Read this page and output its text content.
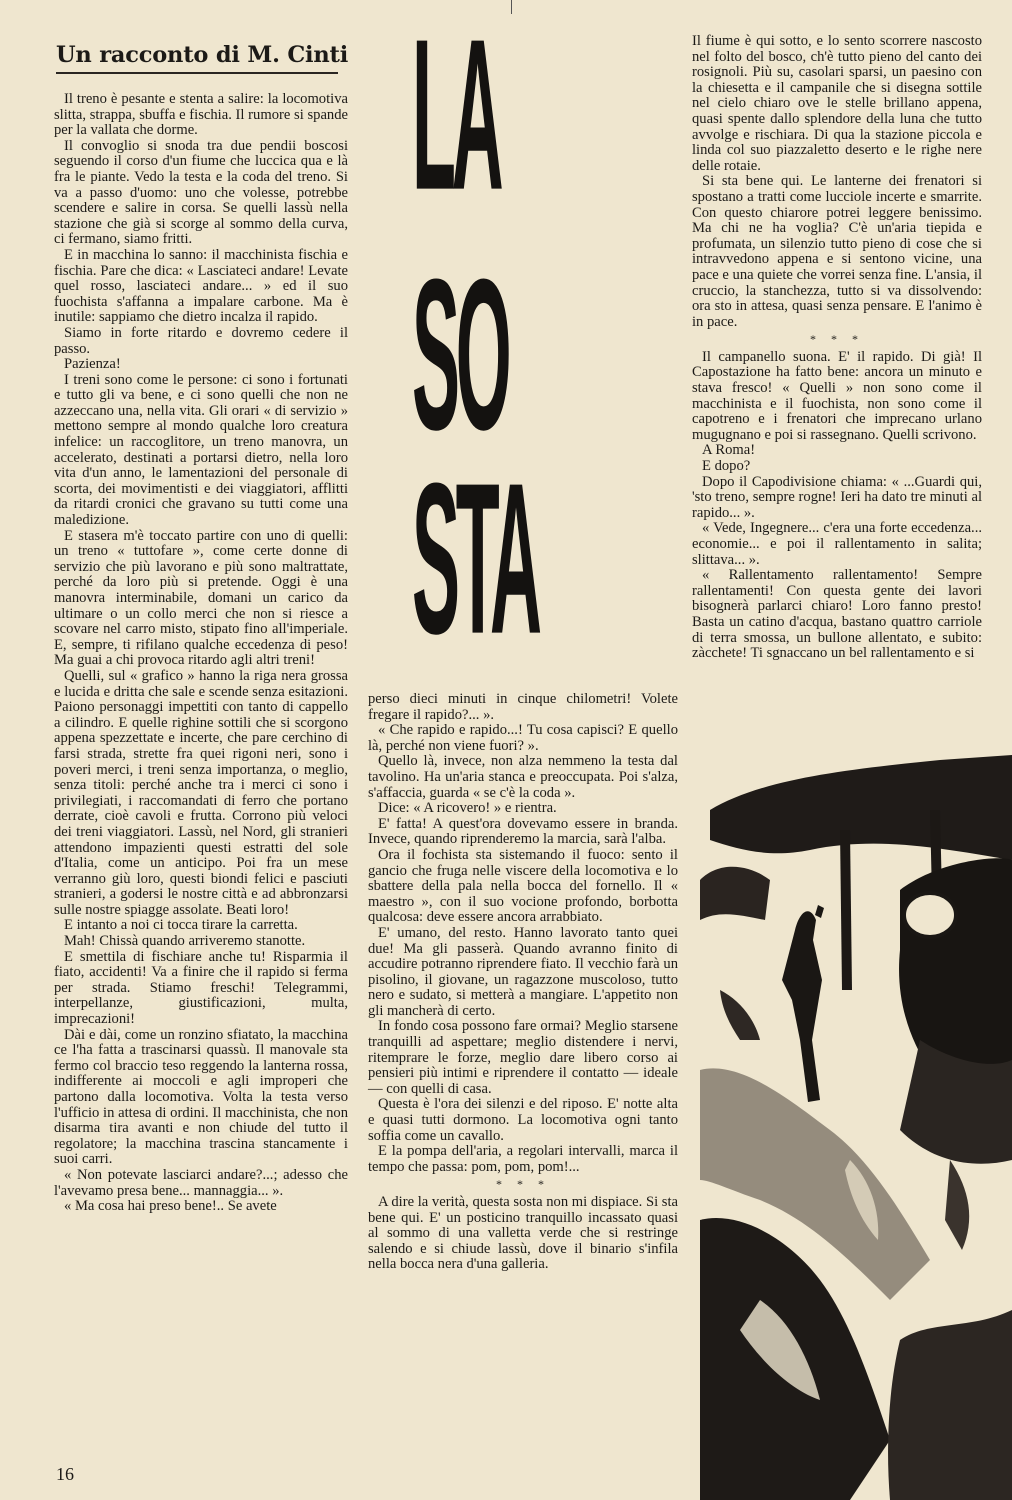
Un racconto di M. Cinti LA
SO
STA

Il treno è pesante e stenta a salire: la locomotiva slitta, strappa, sbuffa e fischia. Il rumore si spande per la vallata che dorme.

Il convoglio si snoda tra due pendii boscosi seguendo il corso d'un fiume che luccica qua e là fra le piante. Vedo la testa e la coda del treno. Si va a passo d'uomo: uno che volesse, potrebbe scendere e salire in corsa. Se quelli lassù nella stazione che già si scorge al sommo della curva, ci fermano, siamo fritti.

E in macchina lo sanno: il macchinista fischia e fischia. Pare che dica: « Lasciateci andare! Levate quel rosso, lasciateci andare... » ed il suo fuochista s'affanna a impalare carbone. Ma è inutile: sappiamo che dietro incalza il rapido.

Siamo in forte ritardo e dovremo cedere il passo.

Pazienza!

I treni sono come le persone: ci sono i fortunati e tutto gli va bene, e ci sono quelli che non ne azzeccano una, nella vita. Gli orari « di servizio » mettono sempre al mondo qualche loro creatura infelice: un raccoglitore, un treno manovra, un accelerato, destinati a portarsi dietro, nella loro vita d'un anno, le lamentazioni del personale di scorta, dei movimentisti e dei viaggiatori, afflitti da ritardi cronici che gravano su tutti come una maledizione.

E stasera m'è toccato partire con uno di quelli: un treno « tuttofare », come certe donne di servizio che più lavorano e più sono maltrattate, perché da loro più si pretende. Oggi è una manovra interminabile, domani un carico da ultimare o un collo merci che non si riesce a scovare nel carro misto, stipato fino all'imperiale. E, sempre, ti rifilano qualche eccedenza di peso! Ma guai a chi provoca ritardo agli altri treni!

Quelli, sul « grafico » hanno la riga nera grossa e lucida e dritta che sale e scende senza esitazioni. Paiono personaggi impettiti con tanto di cappello a cilindro. E quelle righine sottili che si scorgono appena spezzettate e incerte, che pare cerchino di farsi strada, strette fra quei rigoni neri, sono i poveri merci, i treni senza importanza, o meglio, senza titoli: perché anche tra i merci ci sono i privilegiati, i raccomandati di ferro che portano derrate, cioè cavoli e frutta. Corrono più veloci dei treni viaggiatori. Lassù, nel Nord, gli stranieri attendono impazienti questi estratti del sole d'Italia, come un anticipo. Poi fra un mese verranno giù loro, questi biondi felici e pasciuti stranieri, a godersi le nostre città e ad abbronzarsi sulle nostre spiagge assolate. Beati loro!

E intanto a noi ci tocca tirare la carretta.

Mah! Chissà quando arriveremo stanotte.

E smettila di fischiare anche tu! Risparmia il fiato, accidenti! Va a finire che il rapido si ferma per strada. Stiamo freschi! Telegrammi, interpellanze, giustificazioni, multa, imprecazioni!

Dài e dài, come un ronzino sfiatato, la macchina ce l'ha fatta a trascinarsi quassù. Il manovale sta fermo col braccio teso reggendo la lanterna rossa, indifferente ai moccoli e agli improperi che partono dalla locomotiva. Volta la testa verso l'ufficio in attesa di ordini. Il macchinista, che non disarma tira avanti e non chiude del tutto il regolatore; la macchina trascina stancamente i suoi carri.

« Non potevate lasciarci andare?...; adesso che l'avevamo presa bene... mannaggia... ».

« Ma cosa hai preso bene!.. Se avete

perso dieci minuti in cinque chilometri! Volete fregare il rapido?... ».

« Che rapido e rapido...! Tu cosa capisci? E quello là, perché non viene fuori? ».

Quello là, invece, non alza nemmeno la testa dal tavolino. Ha un'aria stanca e preoccupata. Poi s'alza, s'affaccia, guarda « se c'è la coda ».

Dice: « A ricovero! » e rientra.

E' fatta! A quest'ora dovevamo essere in branda. Invece, quando riprenderemo la marcia, sarà l'alba.

Ora il fochista sta sistemando il fuoco: sento il gancio che fruga nelle viscere della locomotiva e lo sbattere della pala nella bocca del fornello. Il « maestro », con il suo vocione profondo, borbotta qualcosa: deve essere ancora arrabbiato.

E' umano, del resto. Hanno lavorato tanto quei due! Ma gli passerà. Quando avranno finito di accudire potranno riprendere fiato. Il vecchio farà un pisolino, il giovane, un ragazzone muscoloso, tutto nero e sudato, si metterà a mangiare. L'appetito non gli mancherà di certo.

In fondo cosa possono fare ormai? Meglio starsene tranquilli ad aspettare; meglio distendere i nervi, ritemprare le forze, meglio dare libero corso ai pensieri più intimi e riprendere il contatto — ideale — con quelli di casa.

Questa è l'ora dei silenzi e del riposo. E' notte alta e quasi tutti dormono. La locomotiva ogni tanto soffia come un cavallo.

E la pompa dell'aria, a regolari intervalli, marca il tempo che passa: pom, pom, pom!...

* * *

A dire la verità, questa sosta non mi dispiace. Si sta bene qui. E' un posticino tranquillo incassato quasi al sommo di una valletta verde che si restringe salendo e si chiude lassù, dove il binario s'infila nella bocca nera d'una galleria.

Il fiume è qui sotto, e lo sento scorrere nascosto nel folto del bosco, ch'è tutto pieno del canto dei rosignoli. Più su, casolari sparsi, un paesino con la chiesetta e il campanile che si disegna sottile nel cielo chiaro ove le stelle brillano appena, quasi spente dallo splendore della luna che tutto avvolge e rischiara. Di qua la stazione piccola e linda col suo piazzaletto deserto e le righe nere delle rotaie.

Si sta bene qui. Le lanterne dei frenatori si spostano a tratti come lucciole incerte e smarrite. Con questo chiarore potrei leggere benissimo. Ma chi ne ha voglia? C'è un'aria tiepida e profumata, un silenzio tutto pieno di cose che si intravvedono appena e si sentono vicine, una pace e una quiete che vorrei senza fine. L'ansia, il cruccio, la stanchezza, tutto si va dissolvendo: ora sto in attesa, quasi senza pensare. E l'animo è in pace.

* * *

Il campanello suona. E' il rapido. Di già! Il Capostazione ha fatto bene: ancora un minuto e stava fresco! « Quelli » non sono come il macchinista e il fuochista, non sono come il capotreno e i frenatori che imprecano urlano mugugnano e poi si rassegnano. Quelli scrivono.

A Roma!

E dopo?

Dopo il Capodivisione chiama: « ...Guardi qui, 'sto treno, sempre rogne! Ieri ha dato tre minuti al rapido... ».

« Vede, Ingegnere... c'era una forte eccedenza... economie... e poi il rallentamento in salita; slittava... ».

« Rallentamento rallentamento! Sempre rallentamenti! Con questa gente dei lavori bisognerà parlarci chiaro! Loro fanno presto! Basta un catino d'acqua, bastano quattro carriole di terra smossa, un bullone allentato, e subito: zàcchete! Ti sgnaccano un bel rallentamento e si

16
